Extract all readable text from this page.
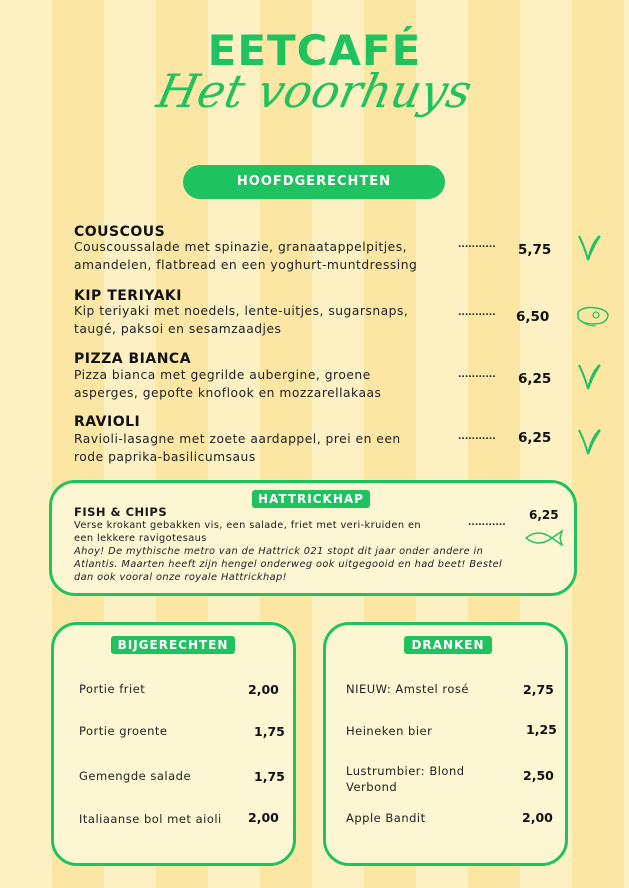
EETCAFÉ
Het voorhuys
HOOFDGERECHTEN
COUSCOUS
Couscoussalade met spinazie, granaatappelpitjes,
amandelen, flatbread en een yoghurt-muntdressing
........... 5,75
KIP TERIYAKI
Kip teriyaki met noedels, lente-uitjes, sugarsnaps,
taugé, paksoi en sesamzaadjes
........... 6,50
PIZZA BIANCA
Pizza bianca met gegrilde aubergine, groene
asperges, gepofte knoflook en mozzarellakaas
........... 6,25
RAVIOLI
Ravioli-lasagne met zoete aardappel, prei en een
rode paprika-basilicumsaus
........... 6,25
HATTRICKHAP
FISH & CHIPS
Verse krokant gebakken vis, een salade, friet met veri-kruiden en
een lekkere ravigotesaus
...........
6,25
Ahoy! De mythische metro van de Hattrick 021 stopt dit jaar onder andere in
Atlantis. Maarten heeft zijn hengel onderweg ook uitgegooid en had beet! Bestel
dan ook vooral onze royale Hattrickhap!
BIJGERECHTEN
Portie friet	2,00
Portie groente	1,75
Gemengde salade	1,75
Italiaanse bol met aioli 2,00
DRANKEN
NIEUW: Amstel rosé	2,75
Heineken bier	1,25
Lustrumbier: Blond
Verbond
2,50
Apple Bandit	2,00
